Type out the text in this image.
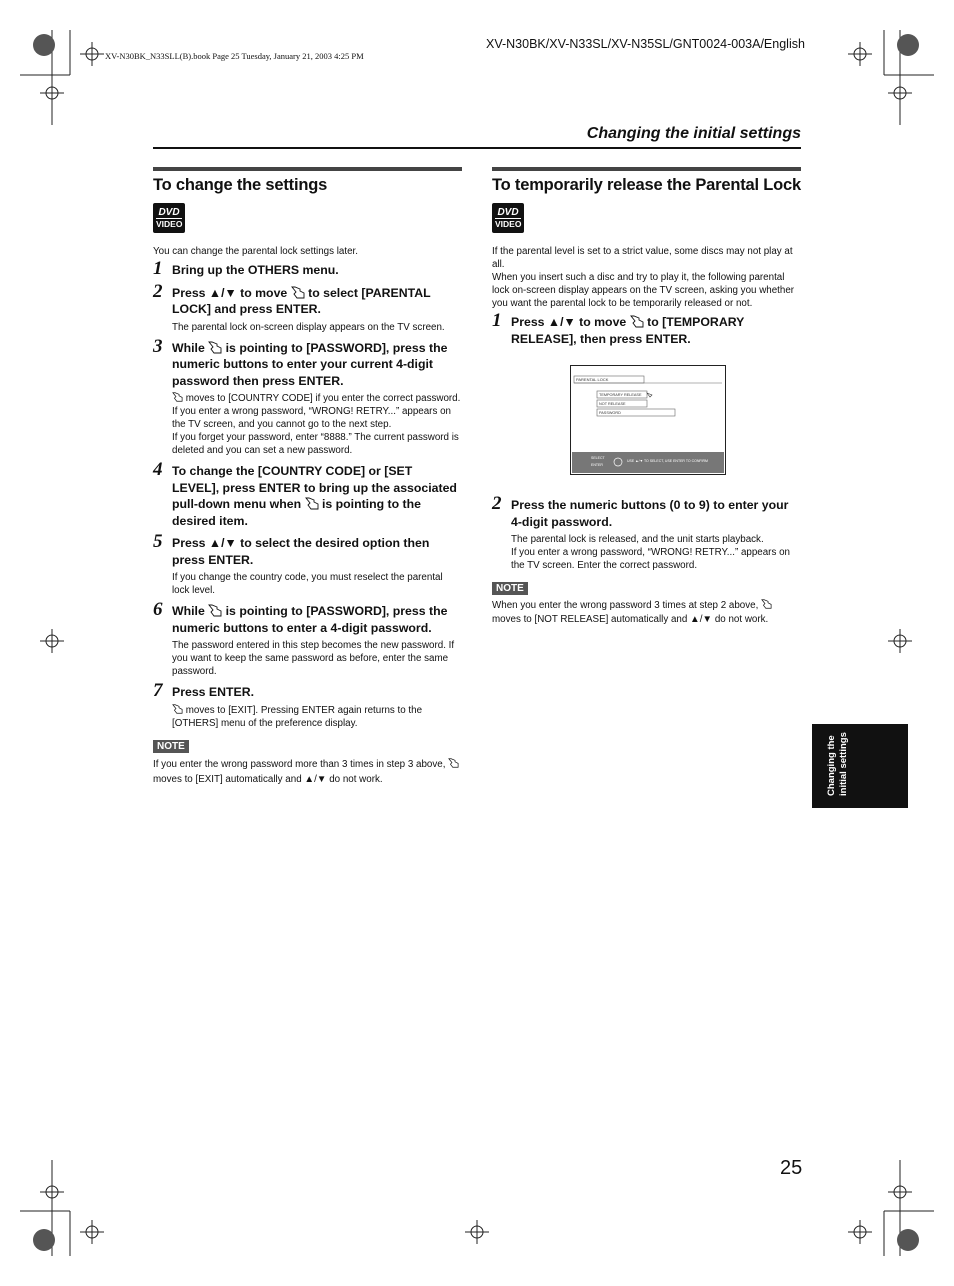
XV-N30BK/XV-N33SL/XV-N35SL/GNT0024-003A/English
XV-N30BK_N33SLL(B).book Page 25 Tuesday, January 21, 2003 4:25 PM
Changing the initial settings
To change the settings
DVD
VIDEO

You can change the parental lock settings later.

1 Bring up the OTHERS menu.
2 Press ▲/▼ to move to select [PARENTAL LOCK] and press ENTER.
The parental lock on-screen display appears on the TV screen.
3 While is pointing to [PASSWORD], press the numeric buttons to enter your current 4-digit password then press ENTER.
moves to [COUNTRY CODE] if you enter the correct password.
If you enter a wrong password, “WRONG! RETRY...” appears on the TV screen, and you cannot go to the next step.
If you forget your password, enter “8888.” The current password is deleted and you can set a new password.
4 To change the [COUNTRY CODE] or [SET LEVEL], press ENTER to bring up the associated pull-down menu when is pointing to the desired item.
5 Press ▲/▼ to select the desired option then press ENTER.
If you change the country code, you must reselect the parental lock level.
6 While is pointing to [PASSWORD], press the numeric buttons to enter a 4-digit password.
The password entered in this step becomes the new password. If you want to keep the same password as before, enter the same password.
7 Press ENTER.
moves to [EXIT]. Pressing ENTER again returns to the [OTHERS] menu of the preference display.
NOTE
If you enter the wrong password more than 3 times in step 3 above,  moves to [EXIT] automatically and ▲/▼ do not work.
To temporarily release the Parental Lock
DVD
VIDEO

If the parental level is set to a strict value, some discs may not play at all.
When you insert such a disc and try to play it, the following parental lock on-screen display appears on the TV screen, asking you whether you want the parental lock to be temporarily released or not.

1 Press ▲/▼ to move to [TEMPORARY RELEASE], then press ENTER.
PARENTAL LOCK
TEMPORARY RELEASE
NOT RELEASE
PASSWORD
SELECT
ENTER
USE ▲/▼ TO SELECT, USE ENTER TO CONFIRM
2 Press the numeric buttons (0 to 9) to enter your 4-digit password.
The parental lock is released, and the unit starts playback.
If you enter a wrong password, “WRONG! RETRY...” appears on the TV screen. Enter the correct password.
NOTE
When you enter the wrong password 3 times at step 2 above,  moves to [NOT RELEASE] automatically and ▲/▼ do not work.
Changing the
initial settings
25
